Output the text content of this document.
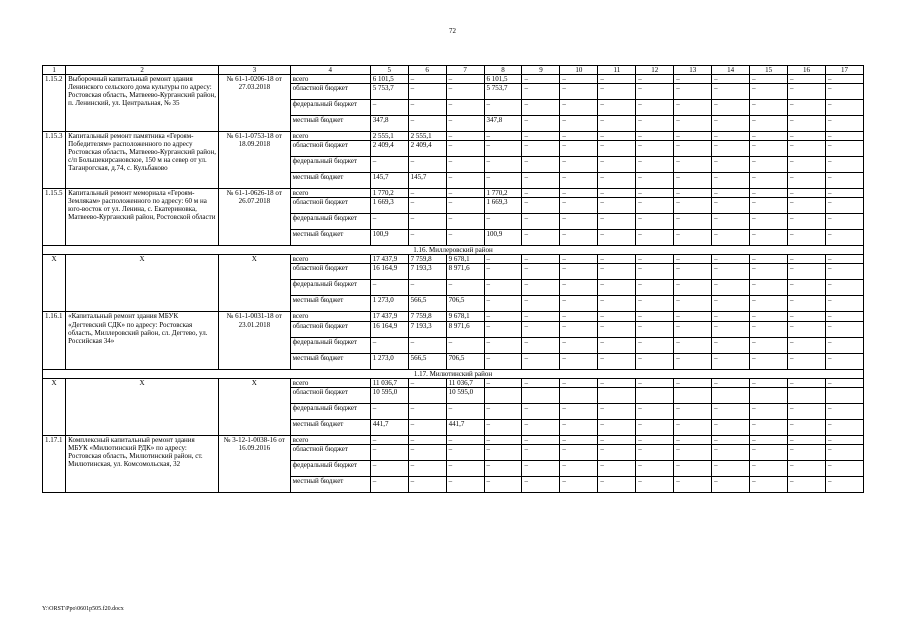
72
1	2	3	4	5	6	7	8	9	10	11	12	13	14	15	16	17
1.15.2	Выборочный капитальный ремонт здания Ленинского сельского дома культуры по адресу: Ростовская область, Матвеево-Курганский район, п. Ленинский, ул. Центральная, № 35	№ 61-1-0206-18 от 27.03.2018	всего	6 101,5	–	–	6 101,5	–	–	–	–	–	–	–	–	–
			областной бюджет	5 753,7	–	–	5 753,7	–	–	–	–	–	–	–	–	–
			федеральный бюджет	–	–	–	–	–	–	–	–	–	–	–	–	–
			местный бюджет	347,8	–	–	347,8	–	–	–	–	–	–	–	–	–
1.15.3	Капитальный ремонт памятника «Героям-Победителям» расположенного по адресу Ростовская область, Матвеево-Курганский район, с/п Большекирсановское, 150 м на север от ул. Таганрогская, д.74, с. Кульбаково	№ 61-1-0753-18 от 18.09.2018	всего	2 555,1	2 555,1	–	–	–	–	–	–	–	–	–	–	–
			областной бюджет	2 409,4	2 409,4	–	–	–	–	–	–	–	–	–	–	–
			федеральный бюджет	–	–	–	–	–	–	–	–	–	–	–	–	–
			местный бюджет	145,7	145,7	–	–	–	–	–	–	–	–	–	–	–
1.15.5	Капитальный ремонт мемориала «Героям-Землякам» расположенного по адресу: 60 м на юго-восток от ул. Ленина, с. Екатериновка, Матвеево-Курганский район, Ростовской области	№ 61-1-0626-18 от 26.07.2018	всего	1 770,2	–	–	1 770,2	–	–	–	–	–	–	–	–	–
			областной бюджет	1 669,3	–	–	1 669,3	–	–	–	–	–	–	–	–	–
			федеральный бюджет	–	–	–	–	–	–	–	–	–	–	–	–	–
			местный бюджет	100,9	–	–	100,9	–	–	–	–	–	–	–	–	–
1.16. Миллеровский район																
Х	Х	Х	всего	17 437,9	7 759,8	9 678,1	–	–	–	–	–	–	–	–	–	–
			областной бюджет	16 164,9	7 193,3	8 971,6	–	–	–	–	–	–	–	–	–	–
			федеральный бюджет	–	–	–	–	–	–	–	–	–	–	–	–	–
			местный бюджет	1 273,0	566,5	706,5	–	–	–	–	–	–	–	–	–	–
1.16.1	«Капитальный ремонт здания МБУК «Дегтевский СДК» по адресу: Ростовская область, Миллеровский район, сл. Дегтево, ул. Российская 34»	№ 61-1-0031-18 от 23.01.2018	всего	17 437,9	7 759,8	9 678,1	–	–	–	–	–	–	–	–	–	–
			областной бюджет	16 164,9	7 193,3	8 971,6	–	–	–	–	–	–	–	–	–	–
			федеральный бюджет	–	–	–	–	–	–	–	–	–	–	–	–	–
			местный бюджет	1 273,0	566,5	706,5	–	–	–	–	–	–	–	–	–	–
1.17. Милютинский район																
Х	Х	Х	всего	11 036,7	–	11 036,7	–	–	–	–	–	–	–	–	–	–
			областной бюджет	10 595,0		10 595,0										
			федеральный бюджет	–	–	–	–	–	–	–	–	–	–	–	–	–
			местный бюджет	441,7	–	441,7	–	–	–	–	–	–	–	–	–	–
1.17.1	Комплексный капитальный ремонт здания МБУК «Милютинский РДК» по адресу: Ростовская область, Милютинский район, ст. Милютинская, ул. Комсомольская, 32	№ 3-12-1-0038-16 от 16.09.2016	всего	–	–	–	–	–	–	–	–	–	–	–	–	–
			областной бюджет	–	–	–	–	–	–	–	–	–	–	–	–	–
			федеральный бюджет	–	–	–	–	–	–	–	–	–	–	–	–	–
			местный бюджет	–	–	–	–	–	–	–	–	–	–	–	–	–
Y:\ORST\Ppo\0601p505.f20.docx
